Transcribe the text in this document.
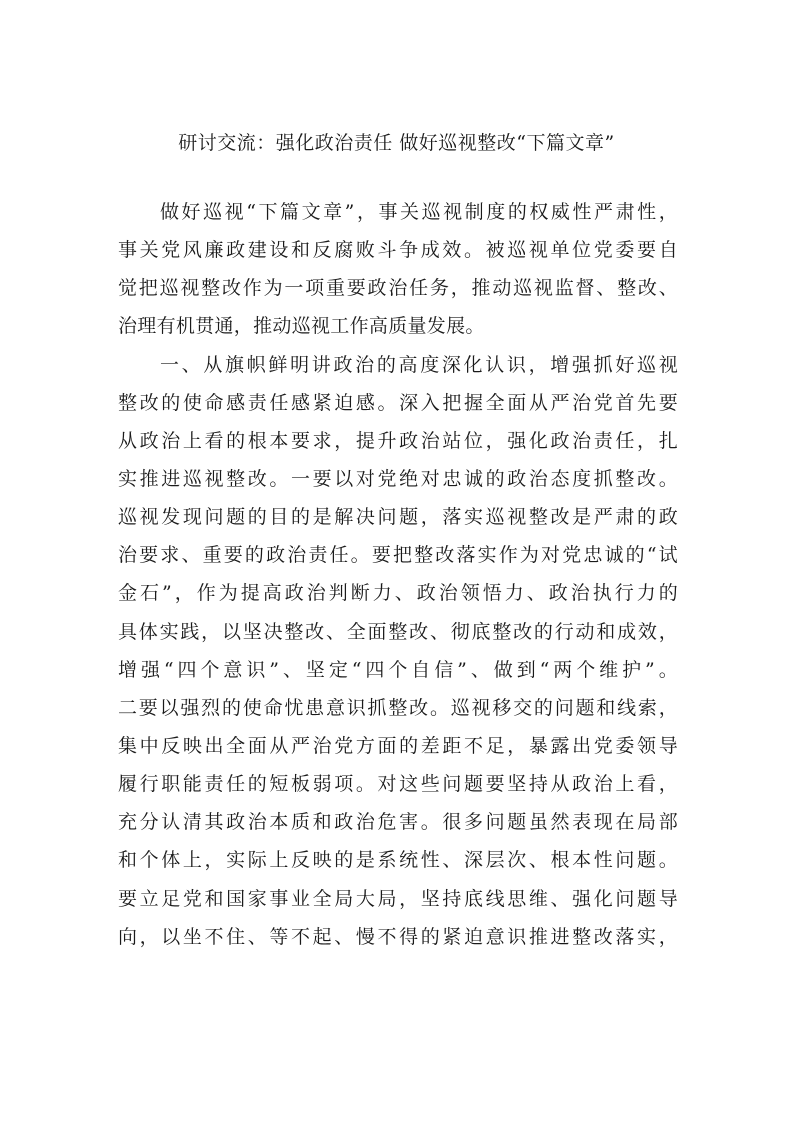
研讨交流：强化政治责任 做好巡视整改“下篇文章”
做好巡视“下篇文章”，事关巡视制度的权威性严肃性，
事关党风廉政建设和反腐败斗争成效。被巡视单位党委要自
觉把巡视整改作为一项重要政治任务，推动巡视监督、整改、
治理有机贯通，推动巡视工作高质量发展。
一、从旗帜鲜明讲政治的高度深化认识，增强抓好巡视
整改的使命感责任感紧迫感。深入把握全面从严治党首先要
从政治上看的根本要求，提升政治站位，强化政治责任，扎
实推进巡视整改。一要以对党绝对忠诚的政治态度抓整改。
巡视发现问题的目的是解决问题，落实巡视整改是严肃的政
治要求、重要的政治责任。要把整改落实作为对党忠诚的“试
金石”，作为提高政治判断力、政治领悟力、政治执行力的
具体实践，以坚决整改、全面整改、彻底整改的行动和成效，
增强“四个意识”、坚定“四个自信”、做到“两个维护”。
二要以强烈的使命忧患意识抓整改。巡视移交的问题和线索，
集中反映出全面从严治党方面的差距不足，暴露出党委领导
履行职能责任的短板弱项。对这些问题要坚持从政治上看，
充分认清其政治本质和政治危害。很多问题虽然表现在局部
和个体上，实际上反映的是系统性、深层次、根本性问题。
要立足党和国家事业全局大局，坚持底线思维、强化问题导
向，以坐不住、等不起、慢不得的紧迫意识推进整改落实，
